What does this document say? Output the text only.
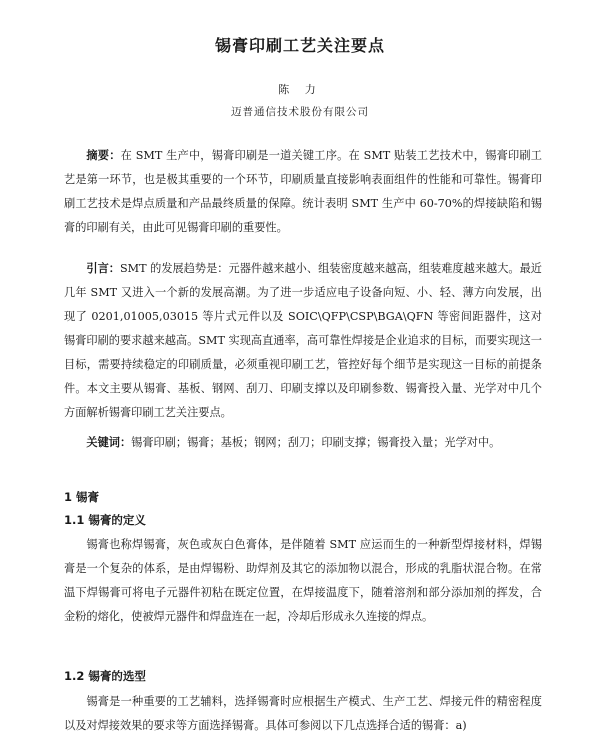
锡膏印刷工艺关注要点
陈 力
迈普通信技术股份有限公司

摘要：在 SMT 生产中，锡膏印刷是一道关键工序。在 SMT 贴装工艺技术中，锡膏印刷工艺是第一环节，也是极其重要的一个环节，印刷质量直接影响表面组件的性能和可靠性。锡膏印刷工艺技术是焊点质量和产品最终质量的保障。统计表明 SMT 生产中 60-70%的焊接缺陷和锡膏的印刷有关，由此可见锡膏印刷的重要性。

引言：SMT 的发展趋势是：元器件越来越小、组装密度越来越高，组装难度越来越大。最近几年 SMT 又进入一个新的发展高潮。为了进一步适应电子设备向短、小、轻、薄方向发展，出现了 0201,01005,03015 等片式元件以及 SOIC\QFP\CSP\BGA\QFN 等密间距器件，这对锡膏印刷的要求越来越高。SMT 实现高直通率，高可靠性焊接是企业追求的目标，而要实现这一目标，需要持续稳定的印刷质量，必须重视印刷工艺，管控好每个细节是实现这一目标的前提条件。本文主要从锡膏、基板、钢网、刮刀、印刷支撑以及印刷参数、锡膏投入量、光学对中几个方面解析锡膏印刷工艺关注要点。

关键词：锡膏印刷；锡膏；基板；钢网；刮刀；印刷支撑；锡膏投入量；光学对中。

1 锡膏
1.1 锡膏的定义

锡膏也称焊锡膏，灰色或灰白色膏体，是伴随着 SMT 应运而生的一种新型焊接材料，焊锡膏是一个复杂的体系，是由焊锡粉、助焊剂及其它的添加物以混合，形成的乳脂状混合物。在常温下焊锡膏可将电子元器件初粘在既定位置，在焊接温度下，随着溶剂和部分添加剂的挥发，合金粉的熔化，使被焊元器件和焊盘连在一起，冷却后形成永久连接的焊点。

1.2 锡膏的选型

锡膏是一种重要的工艺辅料，选择锡膏时应根据生产模式、生产工艺、焊接元件的精密程度以及对焊接效果的要求等方面选择锡膏。具体可参阅以下几点选择合适的锡膏：a)
